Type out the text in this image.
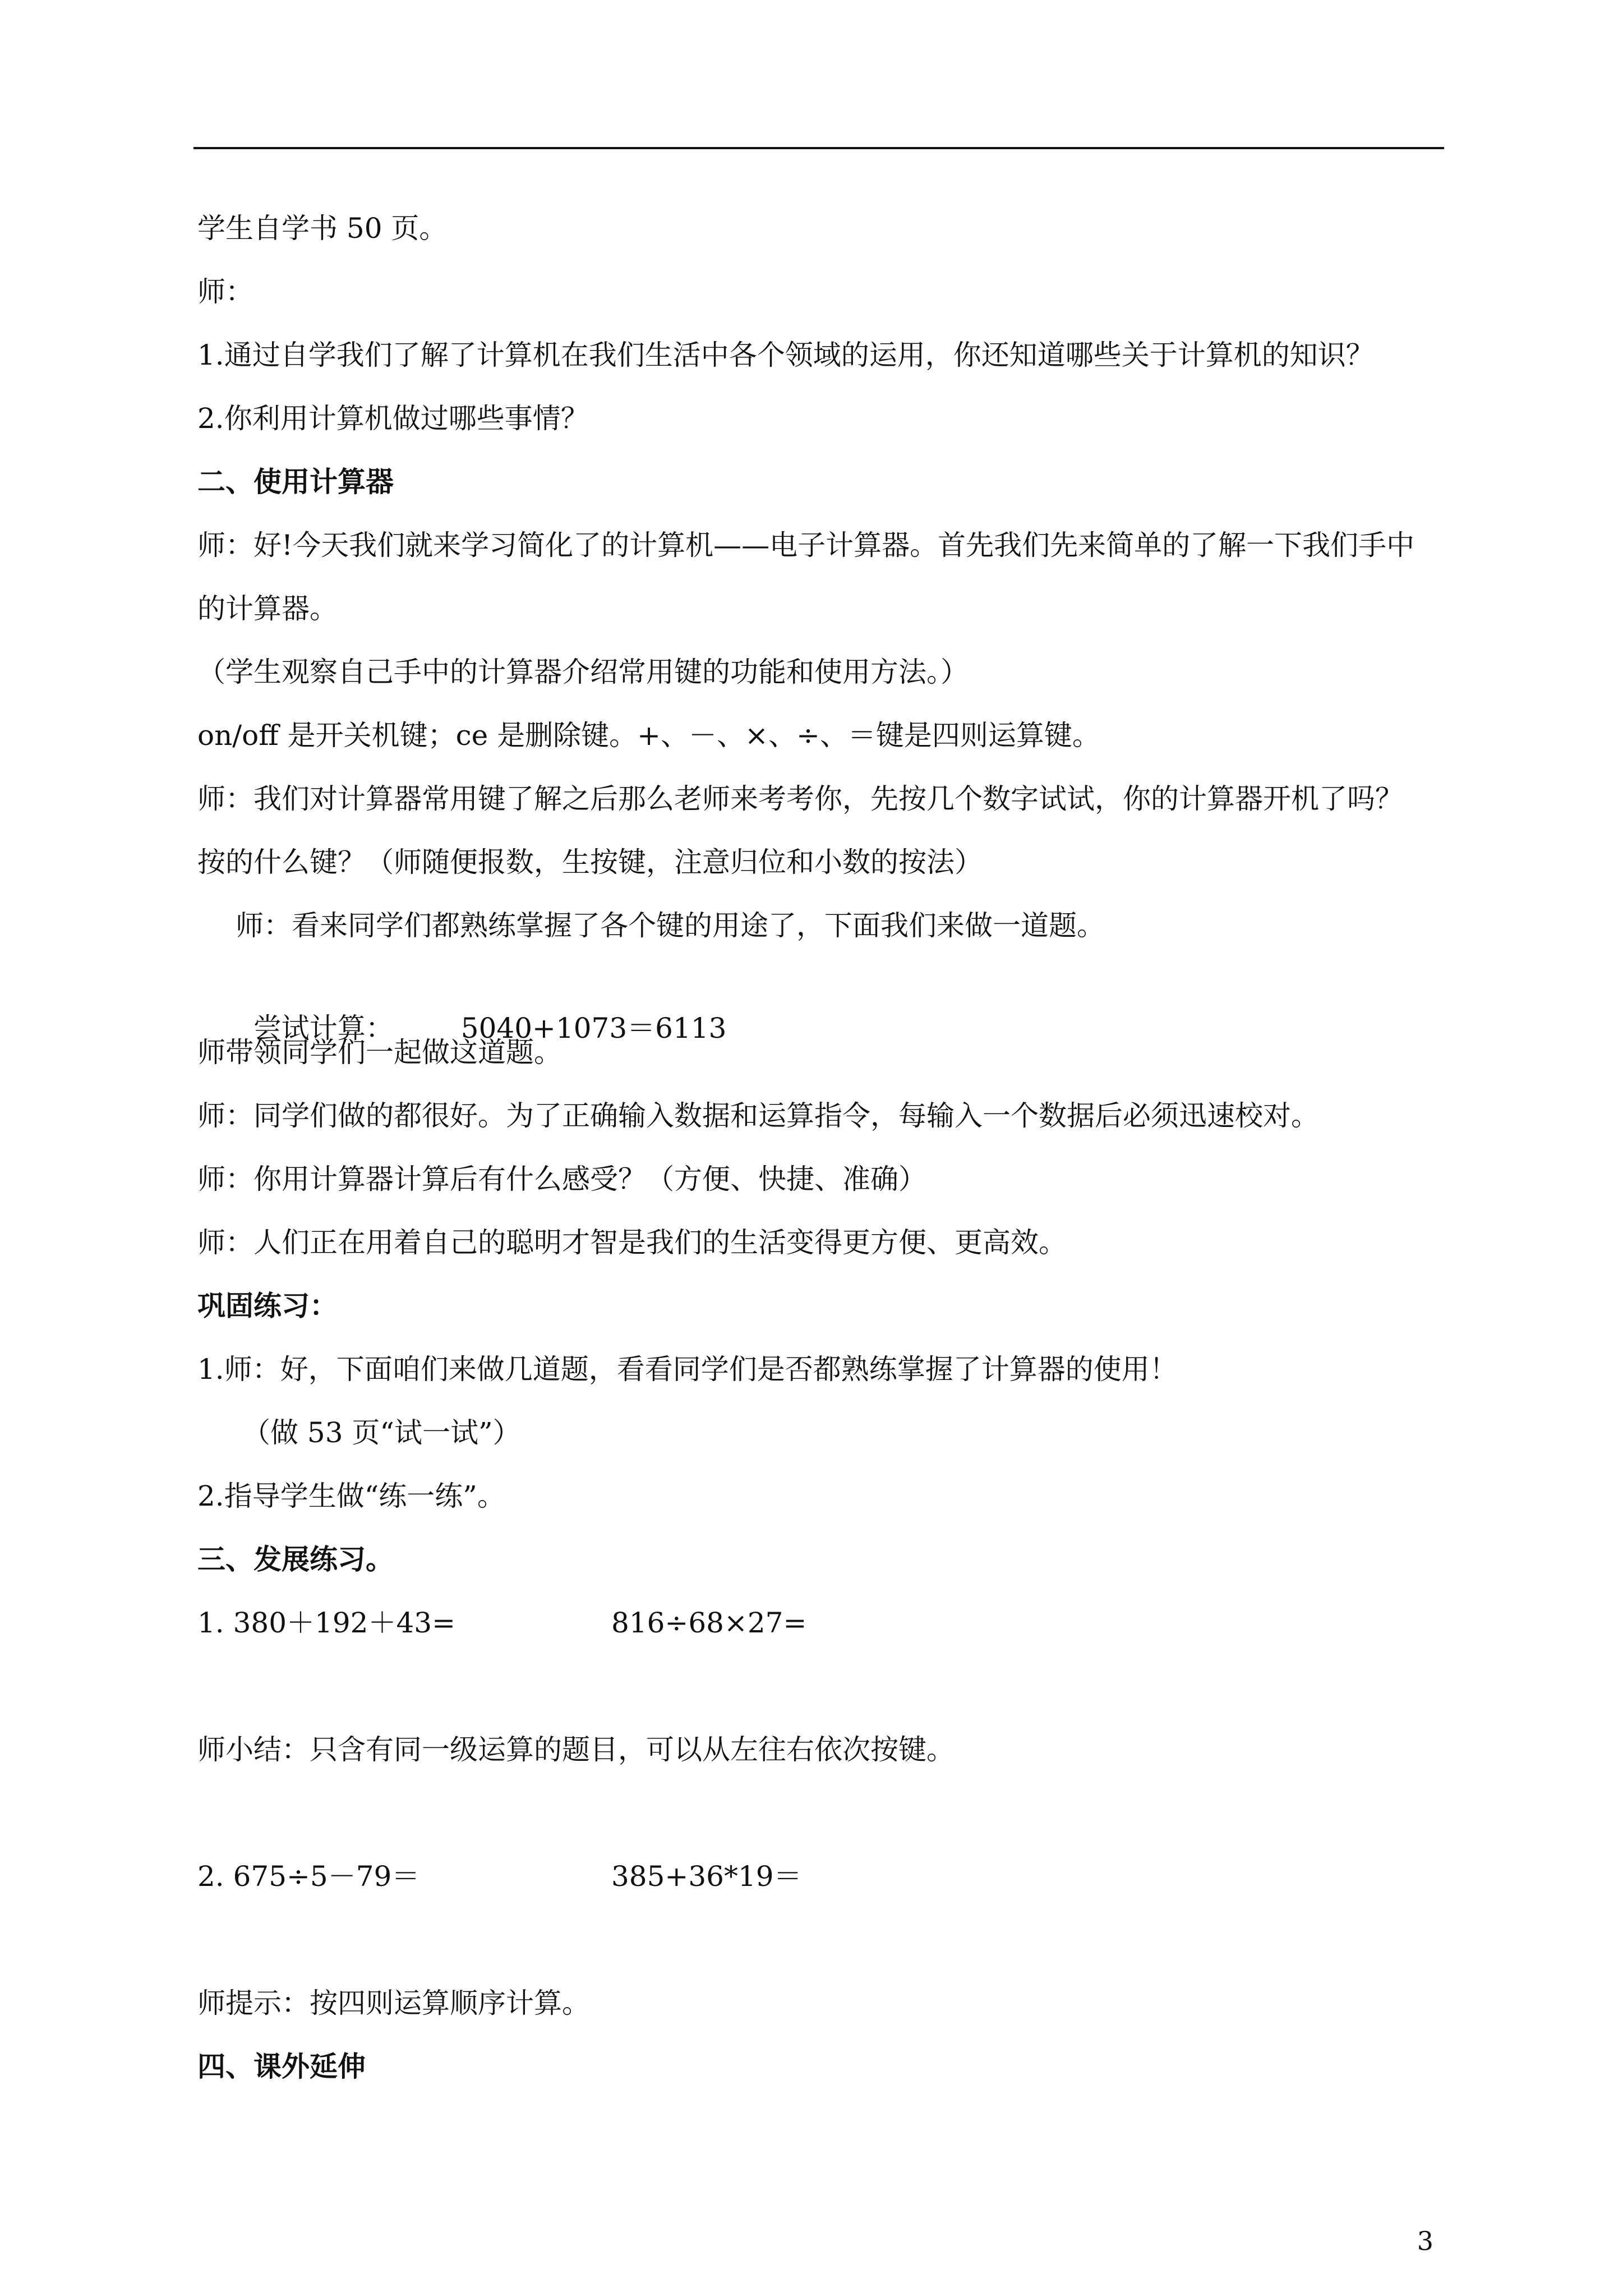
学生自学书 50 页。
师：
1.通过自学我们了解了计算机在我们生活中各个领域的运用，你还知道哪些关于计算机的知识？
2.你利用计算机做过哪些事情？
二、使用计算器
师：好!今天我们就来学习简化了的计算机——电子计算器。首先我们先来简单的了解一下我们手中
的计算器。
（学生观察自己手中的计算器介绍常用键的功能和使用方法。）
on/off 是开关机键；ce 是删除键。+、－、×、÷、＝键是四则运算键。
师：我们对计算器常用键了解之后那么老师来考考你，先按几个数字试试，你的计算器开机了吗？
按的什么键？（师随便报数，生按键，注意归位和小数的按法）
师：看来同学们都熟练掌握了各个键的用途了，下面我们来做一道题。

尝试计算： 5040+1073＝6113

师带领同学们一起做这道题。
师：同学们做的都很好。为了正确输入数据和运算指令，每输入一个数据后必须迅速校对。
师：你用计算器计算后有什么感受？（方便、快捷、准确）
师：人们正在用着自己的聪明才智是我们的生活变得更方便、更高效。
巩固练习：
1.师：好，下面咱们来做几道题，看看同学们是否都熟练掌握了计算器的使用！
（做 53 页“试一试”）
2.指导学生做“练一练”。
三、发展练习。
1. 380＋192＋43=	816÷68×27=
师小结：只含有同一级运算的题目，可以从左往右依次按键。
2. 675÷5－79＝	385+36*19＝
师提示：按四则运算顺序计算。
四、课外延伸
3
